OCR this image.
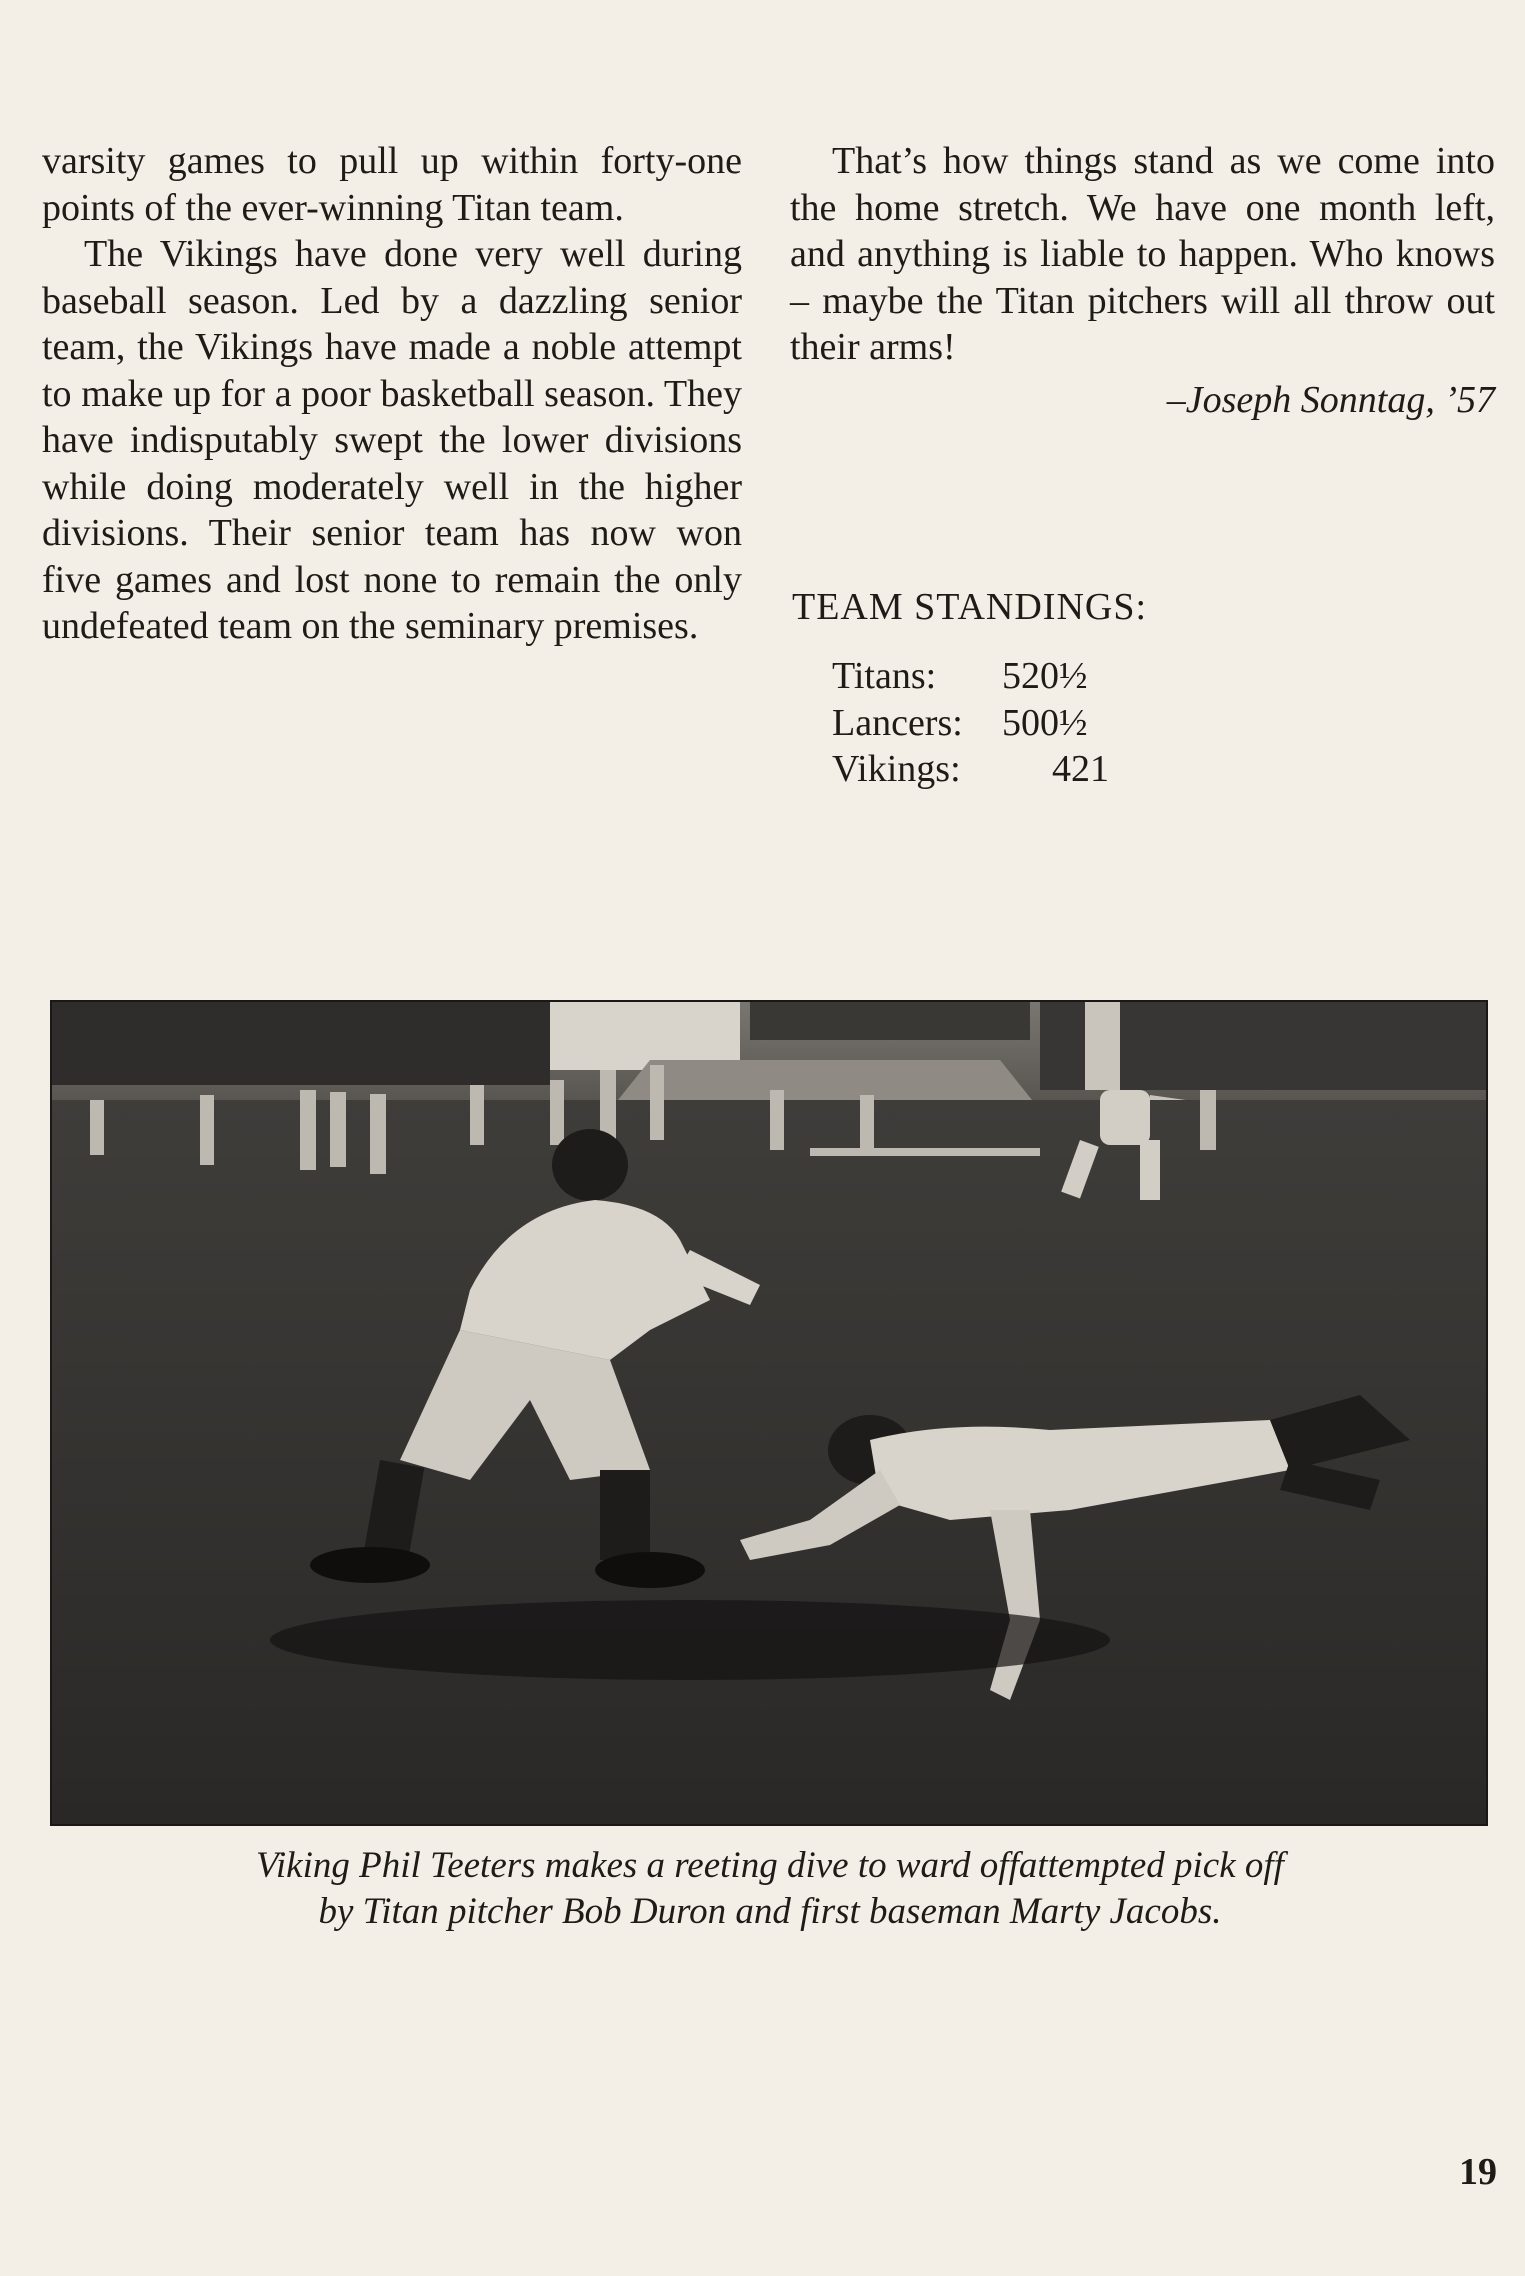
varsity games to pull up within forty-one points of the ever-winning Titan team.

The Vikings have done very well during baseball season. Led by a dazzling senior team, the Vikings have made a noble attempt to make up for a poor basketball season. They have indisputably swept the lower divisions while doing moderately well in the higher divisions. Their senior team has now won five games and lost none to remain the only undefeated team on the seminary premises.

That’s how things stand as we come into the home stretch. We have one month left, and anything is liable to happen. Who knows – maybe the Titan pitchers will all throw out their arms!

–Joseph Sonntag, ’57

TEAM STANDINGS:
Titans:	520½
Lancers:	500½
Vikings:	421
Viking Phil Teeters makes a reeting dive to ward offattempted pick off
by Titan pitcher Bob Duron and first baseman Marty Jacobs.
19
